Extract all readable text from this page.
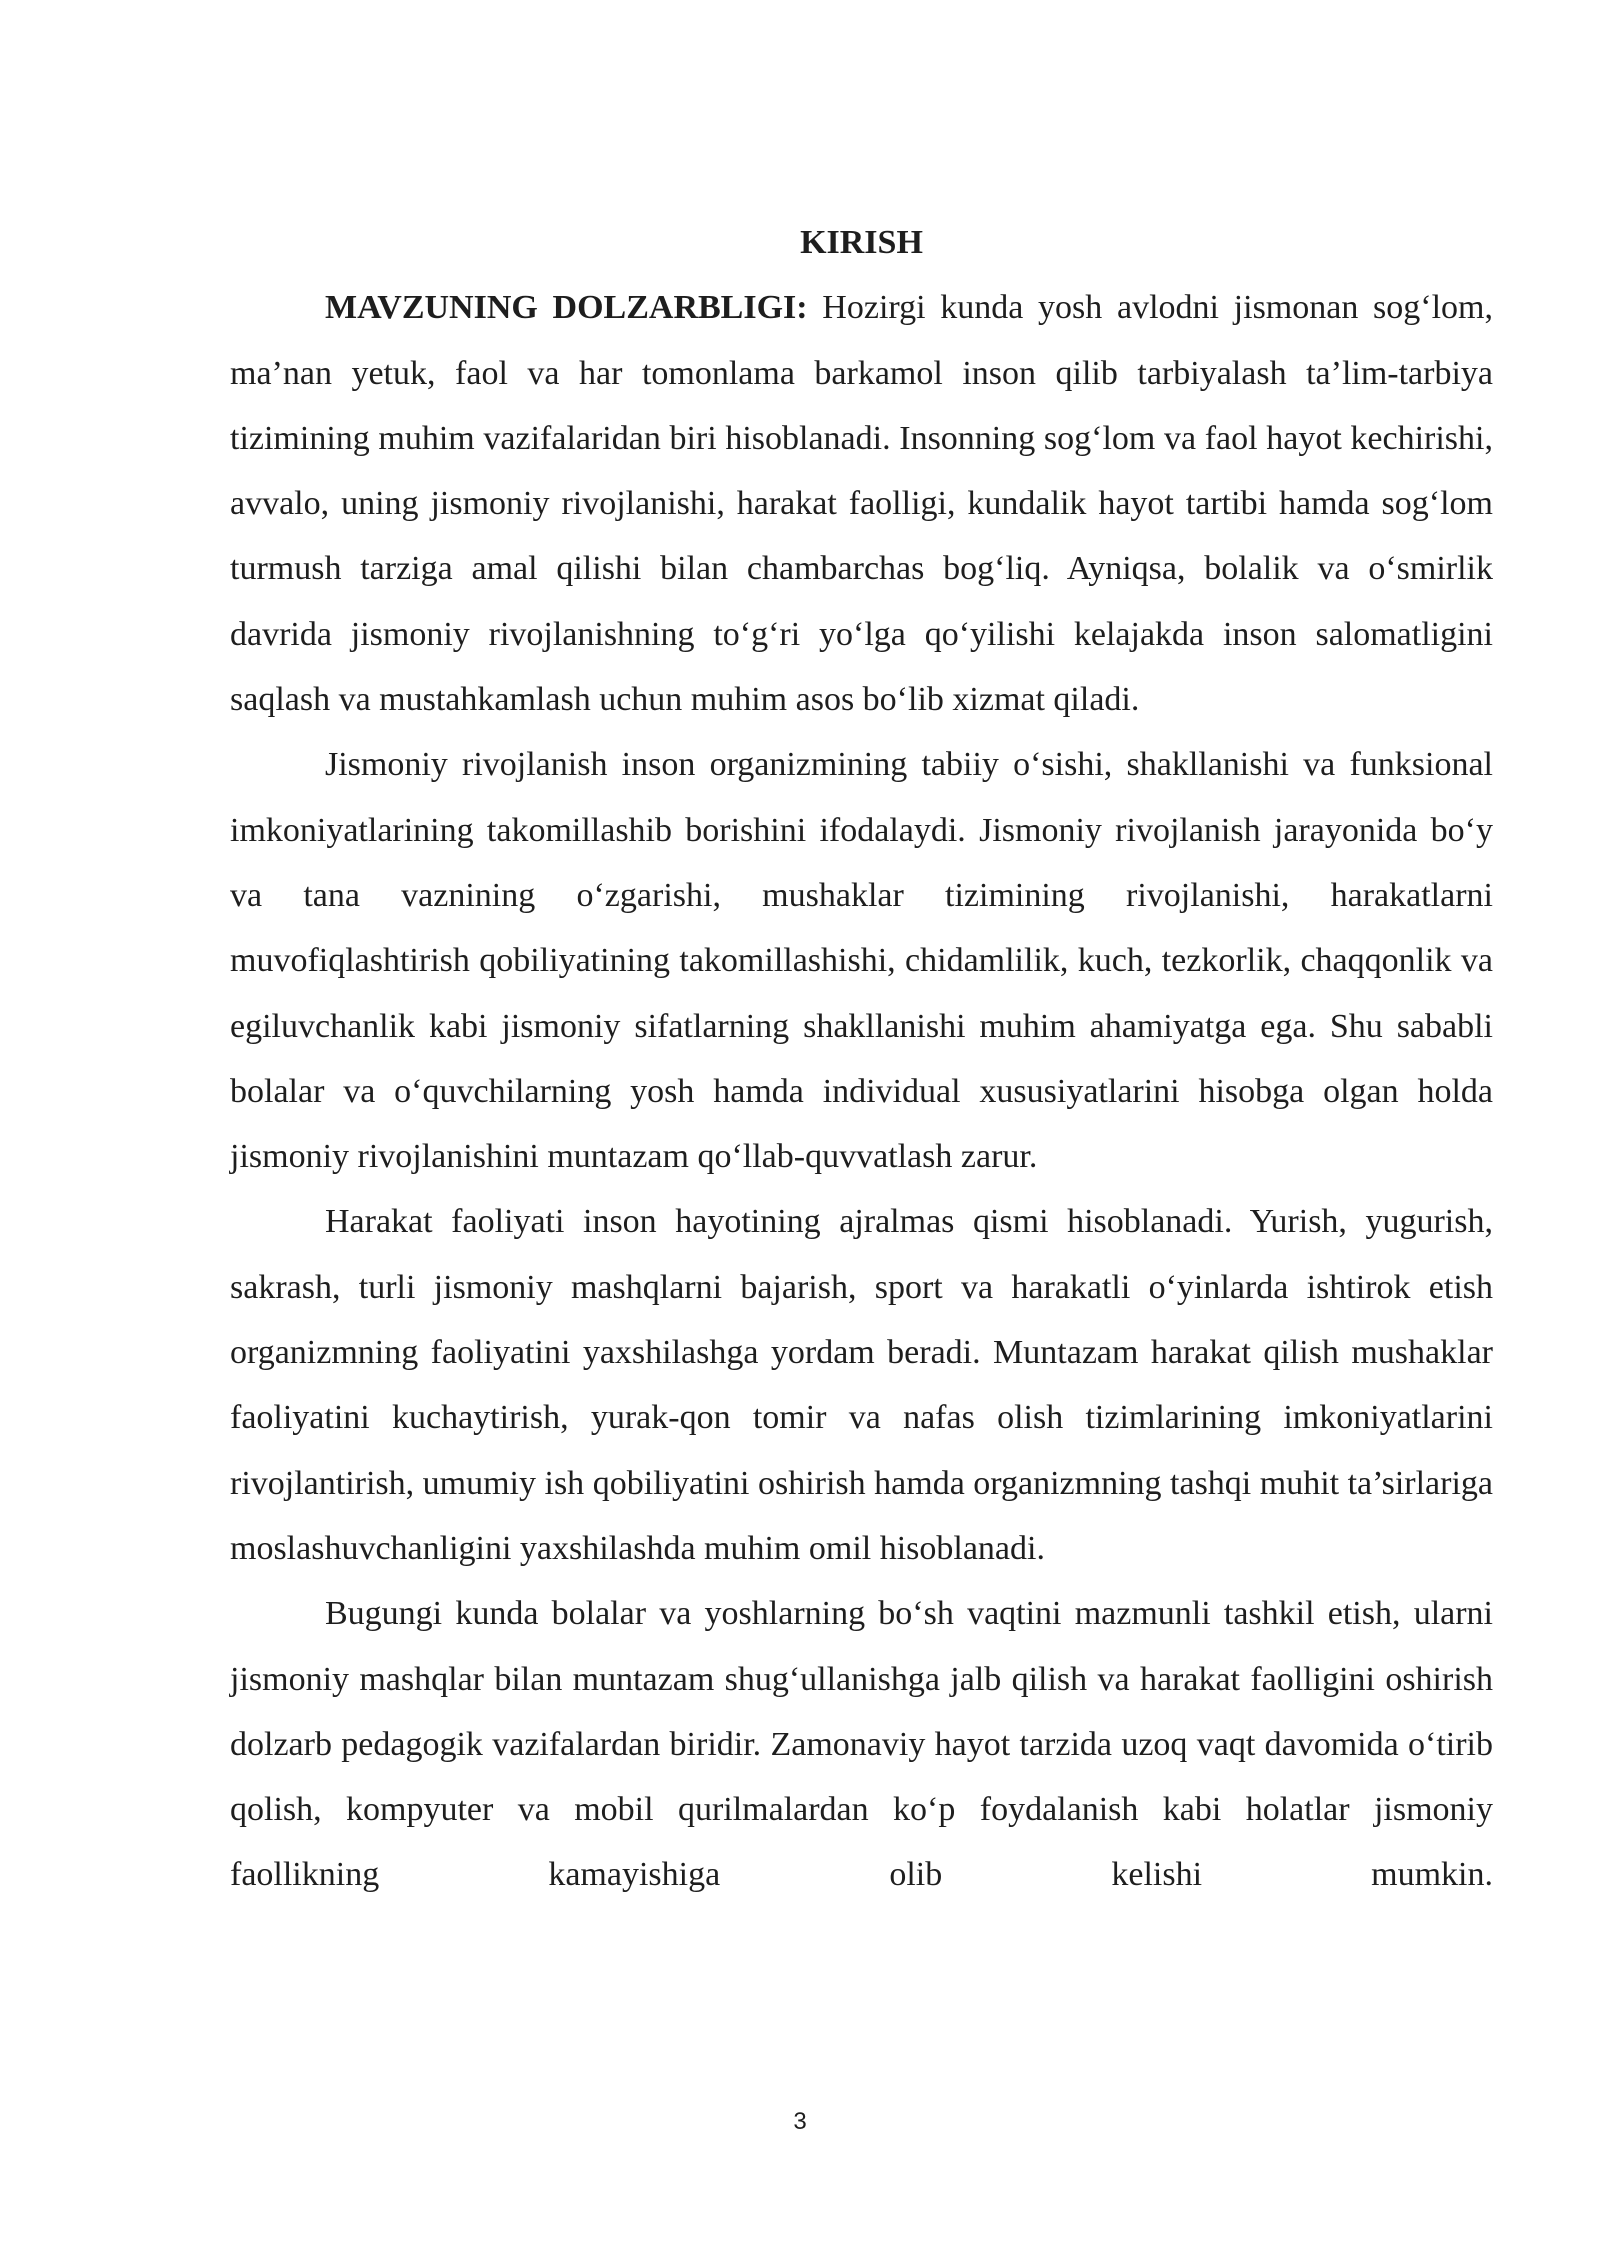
KIRISH

MAVZUNING DOLZARBLIGI: Hozirgi kunda yosh avlodni jismonan sog‘lom, ma’nan yetuk, faol va har tomonlama barkamol inson qilib tarbiyalash ta’lim-tarbiya tizimining muhim vazifalaridan biri hisoblanadi. Insonning sog‘lom va faol hayot kechirishi, avvalo, uning jismoniy rivojlanishi, harakat faolligi, kundalik hayot tartibi hamda sog‘lom turmush tarziga amal qilishi bilan chambarchas bog‘liq. Ayniqsa, bolalik va o‘smirlik davrida jismoniy rivojlanishning to‘g‘ri yo‘lga qo‘yilishi kelajakda inson salomatligini saqlash va mustahkamlash uchun muhim asos bo‘lib xizmat qiladi.

Jismoniy rivojlanish inson organizmining tabiiy o‘sishi, shakllanishi va funksional imkoniyatlarining takomillashib borishini ifodalaydi. Jismoniy rivojlanish jarayonida bo‘y va tana vaznining o‘zgarishi, mushaklar tizimining rivojlanishi, harakatlarni muvofiqlashtirish qobiliyatining takomillashishi, chidamlilik, kuch, tezkorlik, chaqqonlik va egiluvchanlik kabi jismoniy sifatlarning shakllanishi muhim ahamiyatga ega. Shu sababli bolalar va o‘quvchilarning yosh hamda individual xususiyatlarini hisobga olgan holda jismoniy rivojlanishini muntazam qo‘llab-quvvatlash zarur.

Harakat faoliyati inson hayotining ajralmas qismi hisoblanadi. Yurish, yugurish, sakrash, turli jismoniy mashqlarni bajarish, sport va harakatli o‘yinlarda ishtirok etish organizmning faoliyatini yaxshilashga yordam beradi. Muntazam harakat qilish mushaklar faoliyatini kuchaytirish, yurak-qon tomir va nafas olish tizimlarining imkoniyatlarini rivojlantirish, umumiy ish qobiliyatini oshirish hamda organizmning tashqi muhit ta’sirlariga moslashuvchanligini yaxshilashda muhim omil hisoblanadi.

Bugungi kunda bolalar va yoshlarning bo‘sh vaqtini mazmunli tashkil etish, ularni jismoniy mashqlar bilan muntazam shug‘ullanishga jalb qilish va harakat faolligini oshirish dolzarb pedagogik vazifalardan biridir. Zamonaviy hayot tarzida uzoq vaqt davomida o‘tirib qolish, kompyuter va mobil qurilmalardan ko‘p foydalanish kabi holatlar jismoniy faollikning kamayishiga olib kelishi mumkin.

3
